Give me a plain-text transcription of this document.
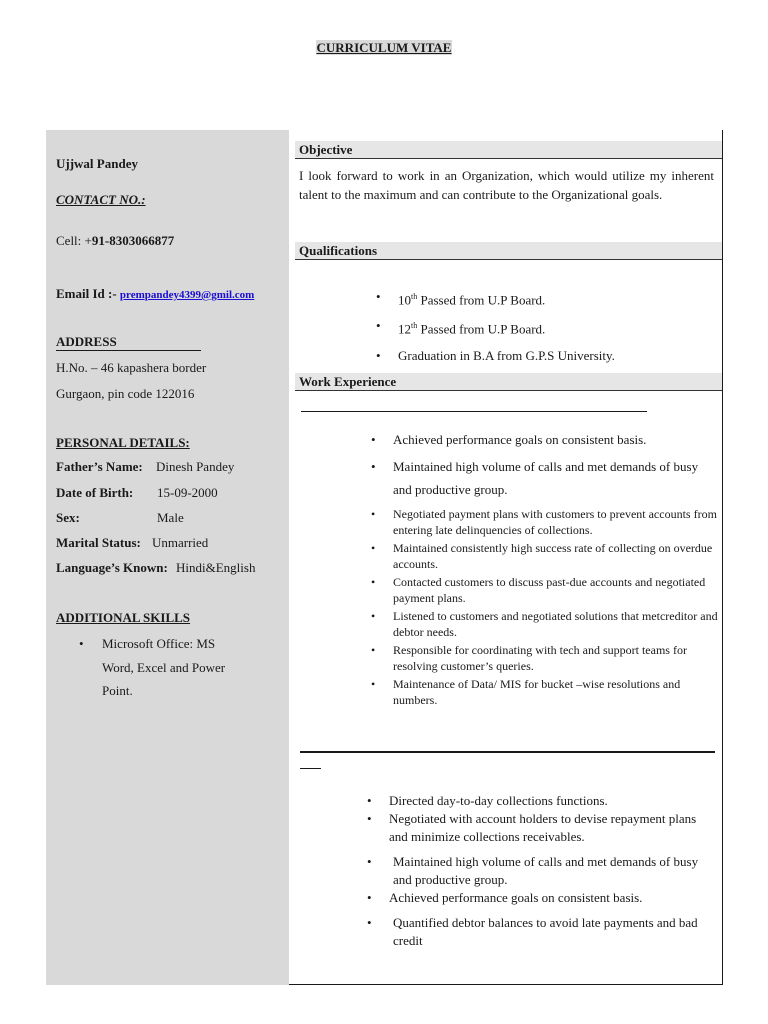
CURRICULUM VITAE
Ujjwal Pandey
CONTACT NO.:
Cell: +91-8303066877
Email Id :- prempandey4399@gmil.com
ADDRESS
H.No. – 46 kapashera border
Gurgaon, pin code 122016
PERSONAL DETAILS:
Father’s Name: Dinesh Pandey
Date of Birth: 15-09-2000
Sex:	Male
Marital Status: Unmarried
Language’s Known: Hindi&English
ADDITIONAL SKILLS
• Microsoft Office: MS
Word, Excel and Power
Point.
Objective
I look forward to work in an Organization, which would utilize my inherent talent to the maximum and can contribute to the Organizational goals.
Qualifications
• 10th Passed from U.P Board.
• 12th Passed from U.P Board.
• Graduation in B.A from G.P.S University.
Work Experience
• Achieved performance goals on consistent basis.
• Maintained high volume of calls and met demands of busy and productive group.
• Negotiated payment plans with customers to prevent accounts from entering late delinquencies of collections.
• Maintained consistently high success rate of collecting on overdue accounts.
• Contacted customers to discuss past-due accounts and negotiated payment plans.
• Listened to customers and negotiated solutions that metcreditor and debtor needs.
• Responsible for coordinating with tech and support teams for resolving customer’s queries.
• Maintenance of Data/ MIS for bucket –wise resolutions and numbers.
• Directed day-to-day collections functions.
• Negotiated with account holders to devise repayment plans and minimize collections receivables.
• Maintained high volume of calls and met demands of busy and productive group.
• Achieved performance goals on consistent basis.
• Quantified debtor balances to avoid late payments and bad credit
